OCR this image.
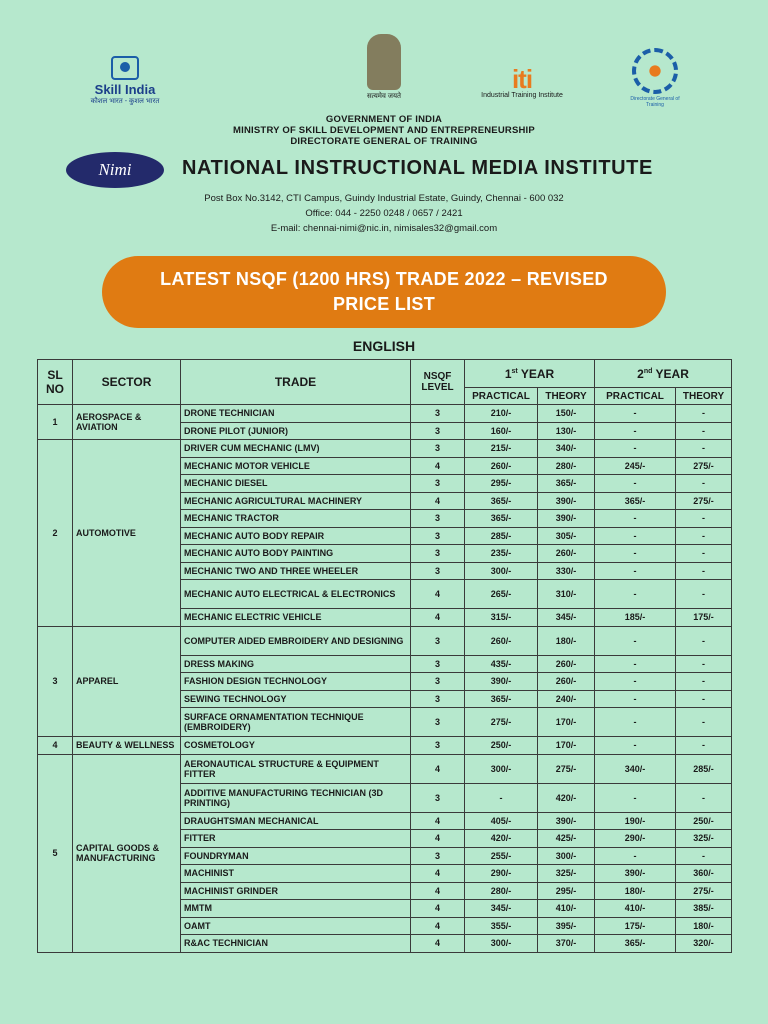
Skill India
कौशल भारत - कुशल भारत
सत्यमेव जयते
iti
Industrial Training Institute	Directorate General of Training
GOVERNMENT OF INDIA
MINISTRY OF SKILL DEVELOPMENT AND ENTREPRENEURSHIP
DIRECTORATE GENERAL OF TRAINING
Nimi	NATIONAL INSTRUCTIONAL MEDIA INSTITUTE
Post Box No.3142, CTI Campus, Guindy Industrial Estate, Guindy, Chennai - 600 032
Office: 044 - 2250 0248 / 0657 / 2421
E-mail: chennai-nimi@nic.in, nimisales32@gmail.com
LATEST NSQF (1200 HRS) TRADE 2022 – REVISED
PRICE LIST
ENGLISH
SL NO	SECTOR	TRADE	NSQF LEVEL	1st YEAR		2nd YEAR	
				PRACTICAL	THEORY	PRACTICAL	THEORY
1	AEROSPACE & AVIATION	DRONE TECHNICIAN	3	210/-	150/-	-	-
		DRONE PILOT (JUNIOR)	3	160/-	130/-	-	-
2	AUTOMOTIVE	DRIVER CUM MECHANIC (LMV)	3	215/-	340/-	-	-
		MECHANIC MOTOR VEHICLE	4	260/-	280/-	245/-	275/-
		MECHANIC DIESEL	3	295/-	365/-	-	-
		MECHANIC AGRICULTURAL MACHINERY	4	365/-	390/-	365/-	275/-
		MECHANIC TRACTOR	3	365/-	390/-	-	-
		MECHANIC AUTO BODY REPAIR	3	285/-	305/-	-	-
		MECHANIC AUTO BODY PAINTING	3	235/-	260/-	-	-
		MECHANIC TWO AND THREE WHEELER	3	300/-	330/-	-	-
		MECHANIC AUTO ELECTRICAL & ELECTRONICS	4	265/-	310/-	-	-
		MECHANIC ELECTRIC VEHICLE	4	315/-	345/-	185/-	175/-
3	APPAREL	COMPUTER AIDED EMBROIDERY AND DESIGNING	3	260/-	180/-	-	-
		DRESS MAKING	3	435/-	260/-	-	-
		FASHION DESIGN TECHNOLOGY	3	390/-	260/-	-	-
		SEWING TECHNOLOGY	3	365/-	240/-	-	-
		SURFACE ORNAMENTATION TECHNIQUE (EMBROIDERY)	3	275/-	170/-	-	-
4	BEAUTY & WELLNESS	COSMETOLOGY	3	250/-	170/-	-	-
5	CAPITAL GOODS & MANUFACTURING	AERONAUTICAL STRUCTURE & EQUIPMENT FITTER	4	300/-	275/-	340/-	285/-
		ADDITIVE MANUFACTURING TECHNICIAN (3D PRINTING)	3	-	420/-	-	-
		DRAUGHTSMAN MECHANICAL	4	405/-	390/-	190/-	250/-
		FITTER	4	420/-	425/-	290/-	325/-
		FOUNDRYMAN	3	255/-	300/-	-	-
		MACHINIST	4	290/-	325/-	390/-	360/-
		MACHINIST GRINDER	4	280/-	295/-	180/-	275/-
		MMTM	4	345/-	410/-	410/-	385/-
		OAMT	4	355/-	395/-	175/-	180/-
		R&AC TECHNICIAN	4	300/-	370/-	365/-	320/-
